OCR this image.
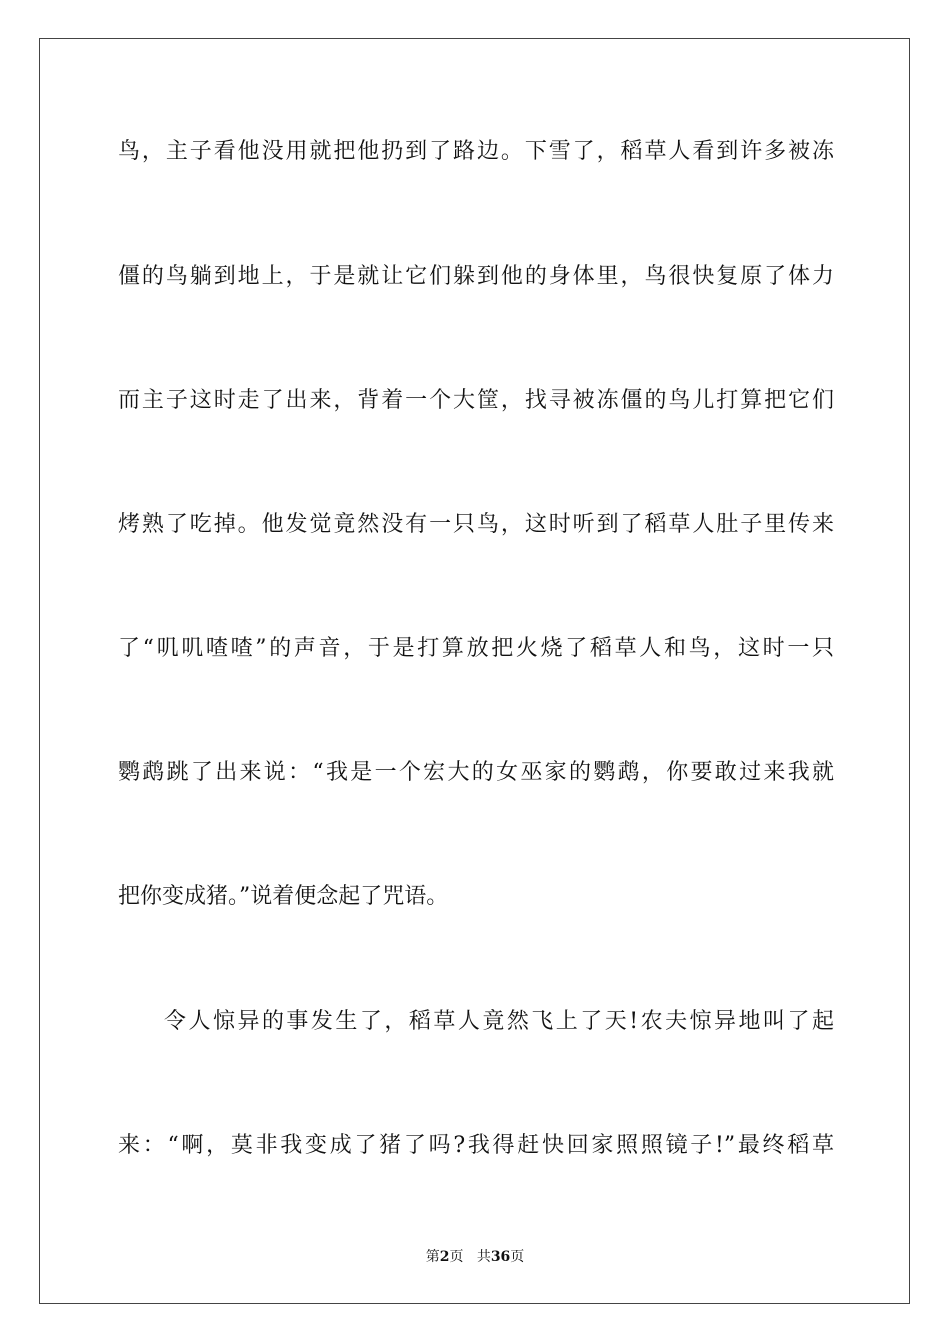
鸟，主子看他没用就把他扔到了路边。下雪了，稻草人看到许多被冻
僵的鸟躺到地上，于是就让它们躲到他的身体里，鸟很快复原了体力
而主子这时走了出来，背着一个大筐，找寻被冻僵的鸟儿打算把它们
烤熟了吃掉。他发觉竟然没有一只鸟，这时听到了稻草人肚子里传来
了“叽叽喳喳”的声音，于是打算放把火烧了稻草人和鸟，这时一只
鹦鹉跳了出来说：“我是一个宏大的女巫家的鹦鹉，你要敢过来我就
把你变成猪。”说着便念起了咒语。
令人惊异的事发生了，稻草人竟然飞上了天!农夫惊异地叫了起
来：“啊，莫非我变成了猪了吗?我得赶快回家照照镜子!”最终稻草
第2页 共36页
